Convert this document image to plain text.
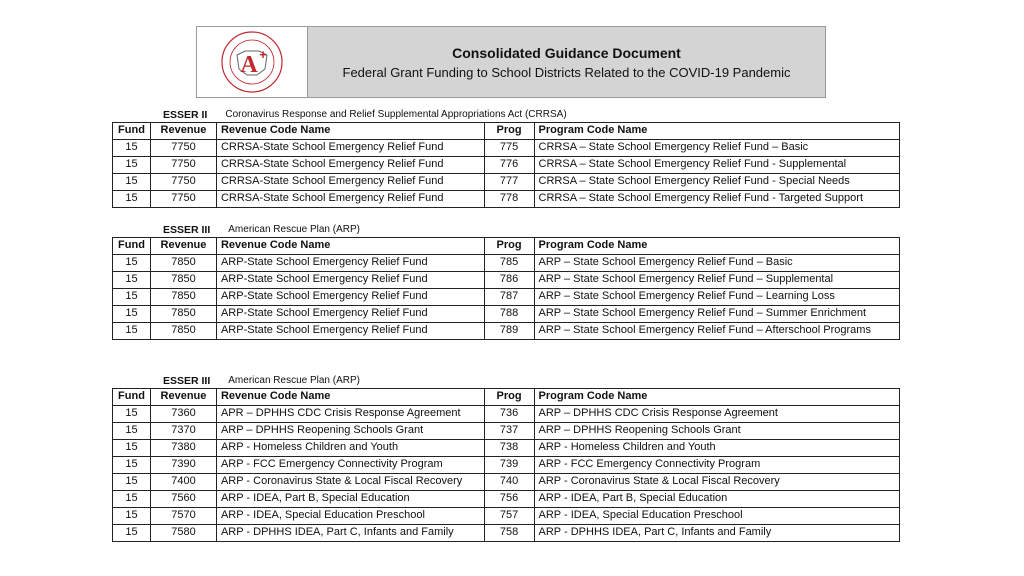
A +	Consolidated Guidance Document
Federal Grant Funding to School Districts Related to the COVID-19 Pandemic
ESSER II Coronavirus Response and Relief Supplemental Appropriations Act (CRRSA)
Fund	Revenue	Revenue Code Name	Prog	Program Code Name
15	7750	CRRSA-State School Emergency Relief Fund	775	CRRSA – State School Emergency Relief Fund – Basic
15	7750	CRRSA-State School Emergency Relief Fund	776	CRRSA – State School Emergency Relief Fund - Supplemental
15	7750	CRRSA-State School Emergency Relief Fund	777	CRRSA – State School Emergency Relief Fund - Special Needs
15	7750	CRRSA-State School Emergency Relief Fund	778	CRRSA – State School Emergency Relief Fund - Targeted Support
ESSER III American Rescue Plan (ARP)
Fund	Revenue	Revenue Code Name	Prog	Program Code Name
15	7850	ARP-State School Emergency Relief Fund	785	ARP – State School Emergency Relief Fund – Basic
15	7850	ARP-State School Emergency Relief Fund	786	ARP – State School Emergency Relief Fund – Supplemental
15	7850	ARP-State School Emergency Relief Fund	787	ARP – State School Emergency Relief Fund – Learning Loss
15	7850	ARP-State School Emergency Relief Fund	788	ARP – State School Emergency Relief Fund – Summer Enrichment
15	7850	ARP-State School Emergency Relief Fund	789	ARP – State School Emergency Relief Fund – Afterschool Programs
ESSER III American Rescue Plan (ARP)
Fund	Revenue	Revenue Code Name	Prog	Program Code Name
15	7360	APR – DPHHS CDC Crisis Response Agreement	736	ARP – DPHHS CDC Crisis Response Agreement
15	7370	ARP – DPHHS Reopening Schools Grant	737	ARP – DPHHS Reopening Schools Grant
15	7380	ARP - Homeless Children and Youth	738	ARP - Homeless Children and Youth
15	7390	ARP - FCC Emergency Connectivity Program	739	ARP - FCC Emergency Connectivity Program
15	7400	ARP - Coronavirus State & Local Fiscal Recovery	740	ARP - Coronavirus State & Local Fiscal Recovery
15	7560	ARP - IDEA, Part B, Special Education	756	ARP - IDEA, Part B, Special Education
15	7570	ARP - IDEA, Special Education Preschool	757	ARP - IDEA, Special Education Preschool
15	7580	ARP - DPHHS IDEA, Part C, Infants and Family	758	ARP - DPHHS IDEA, Part C, Infants and Family
